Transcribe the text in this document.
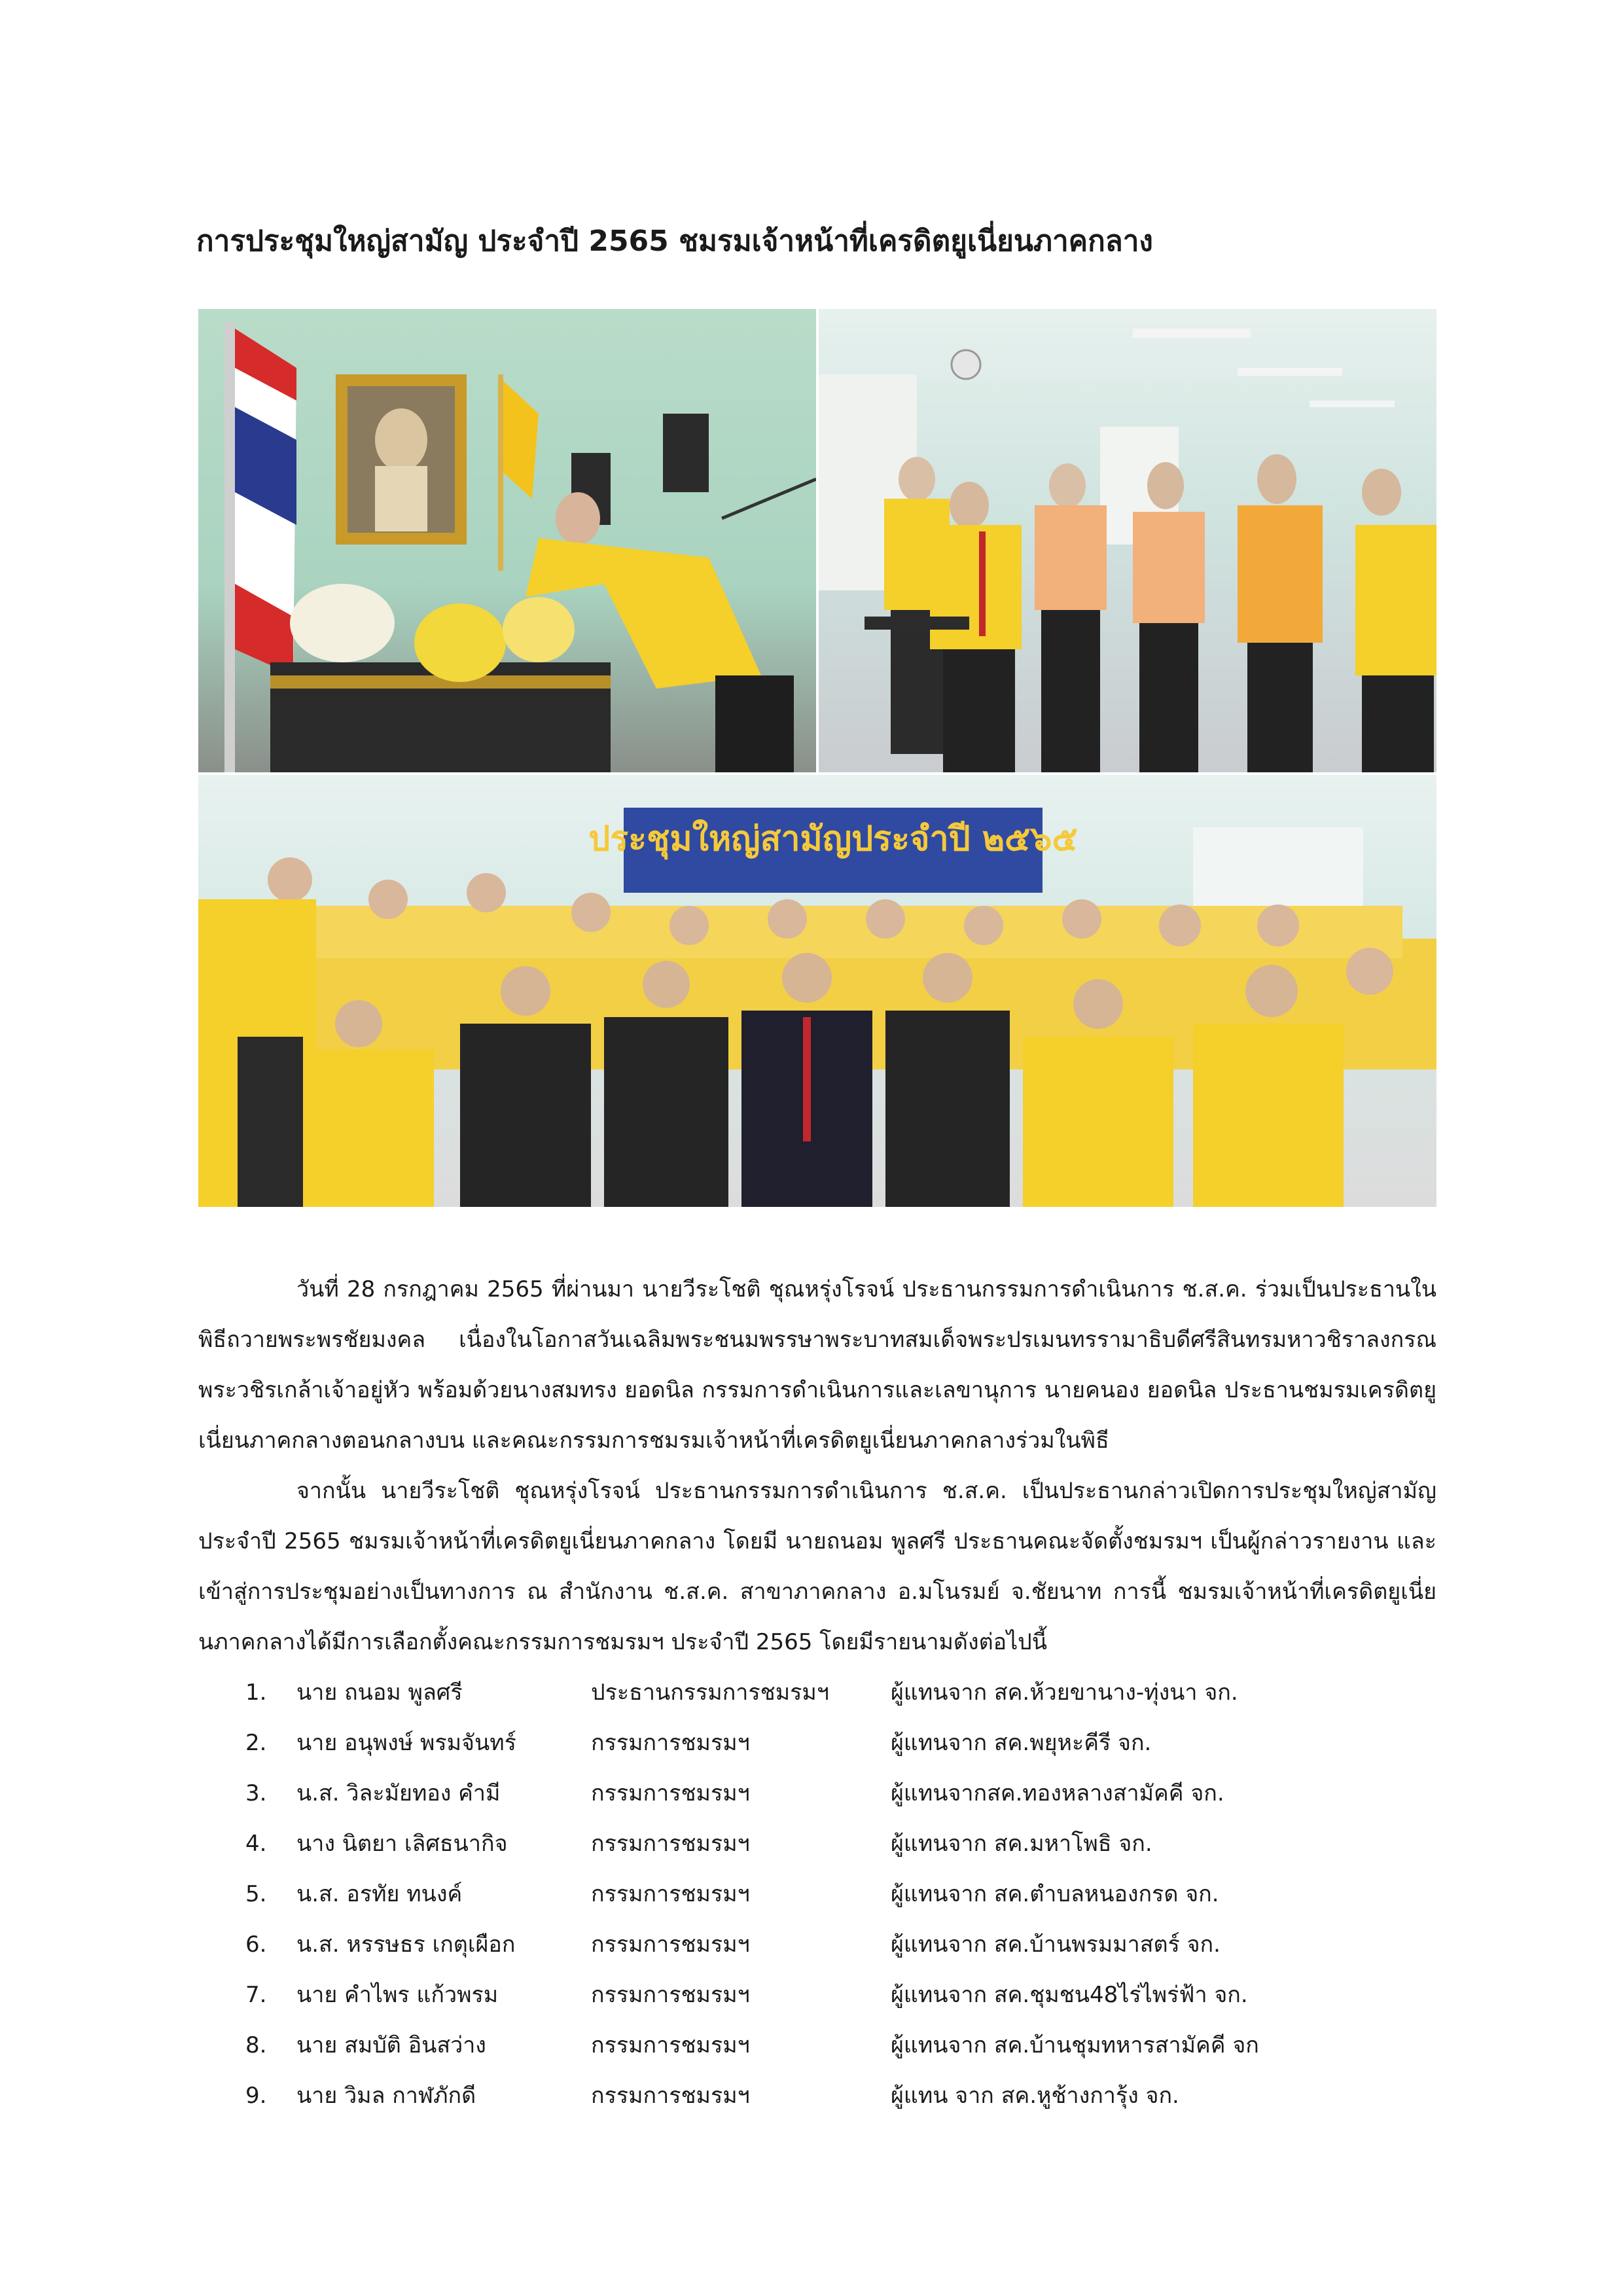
การประชุมใหญ่สามัญ ประจำปี 2565 ชมรมเจ้าหน้าที่เครดิตยูเนี่ยนภาคกลาง
ประชุมใหญ่สามัญประจำปี ๒๕๖๕

วันที่ 28 กรกฎาคม 2565 ที่ผ่านมา นายวีระโชติ ชุณหรุ่งโรจน์ ประธานกรรมการดำเนินการ ช.ส.ค. ร่วมเป็นประธานในพิธีถวายพระพรชัยมงคล เนื่องในโอกาสวันเฉลิมพระชนมพรรษาพระบาทสมเด็จพระปรเมนทรรามาธิบดีศรีสินทรมหาวชิราลงกรณ พระวชิรเกล้าเจ้าอยู่หัว พร้อมด้วยนางสมทรง ยอดนิล กรรมการดำเนินการและเลขานุการ นายคนอง ยอดนิล ประธานชมรมเครดิตยูเนี่ยนภาคกลางตอนกลางบน และคณะกรรมการชมรมเจ้าหน้าที่เครดิตยูเนี่ยนภาคกลางร่วมในพิธี

จากนั้น นายวีระโชติ ชุณหรุ่งโรจน์ ประธานกรรมการดำเนินการ ช.ส.ค. เป็นประธานกล่าวเปิดการประชุมใหญ่สามัญ ประจำปี 2565 ชมรมเจ้าหน้าที่เครดิตยูเนี่ยนภาคกลาง โดยมี นายถนอม พูลศรี ประธานคณะจัดตั้งชมรมฯ เป็นผู้กล่าวรายงาน และเข้าสู่การประชุมอย่างเป็นทางการ ณ สำนักงาน ช.ส.ค. สาขาภาคกลาง อ.มโนรมย์ จ.ชัยนาท การนี้ ชมรมเจ้าหน้าที่เครดิตยูเนี่ยนภาคกลางได้มีการเลือกตั้งคณะกรรมการชมรมฯ ประจำปี 2565 โดยมีรายนามดังต่อไปนี้

1. นาย ถนอม พูลศรี	ประธานกรรมการชมรมฯ	ผู้แทนจาก สค.ห้วยขานาง-ทุ่งนา จก.
2. นาย อนุพงษ์ พรมจันทร์	กรรมการชมรมฯ	ผู้แทนจาก สค.พยุหะคีรี จก.
3. น.ส. วิละมัยทอง คำมี	กรรมการชมรมฯ	ผู้แทนจากสค.ทองหลางสามัคคี จก.
4. นาง นิตยา เลิศธนากิจ	กรรมการชมรมฯ	ผู้แทนจาก สค.มหาโพธิ จก.
5. น.ส. อรทัย ทนงค์	กรรมการชมรมฯ	ผู้แทนจาก สค.ตำบลหนองกรด จก.
6. น.ส. หรรษธร เกตุเผือก	กรรมการชมรมฯ	ผู้แทนจาก สค.บ้านพรมมาสตร์ จก.
7. นาย คำไพร แก้วพรม	กรรมการชมรมฯ	ผู้แทนจาก สค.ชุมชน48ไร่ไพร่ฟ้า จก.
8. นาย สมบัติ อินสว่าง	กรรมการชมรมฯ	ผู้แทนจาก สค.บ้านชุมทหารสามัคคี จก
9. นาย วิมล กาฬภักดี	กรรมการชมรมฯ	ผู้แทน จาก สค.หูช้างการุ้ง จก.
